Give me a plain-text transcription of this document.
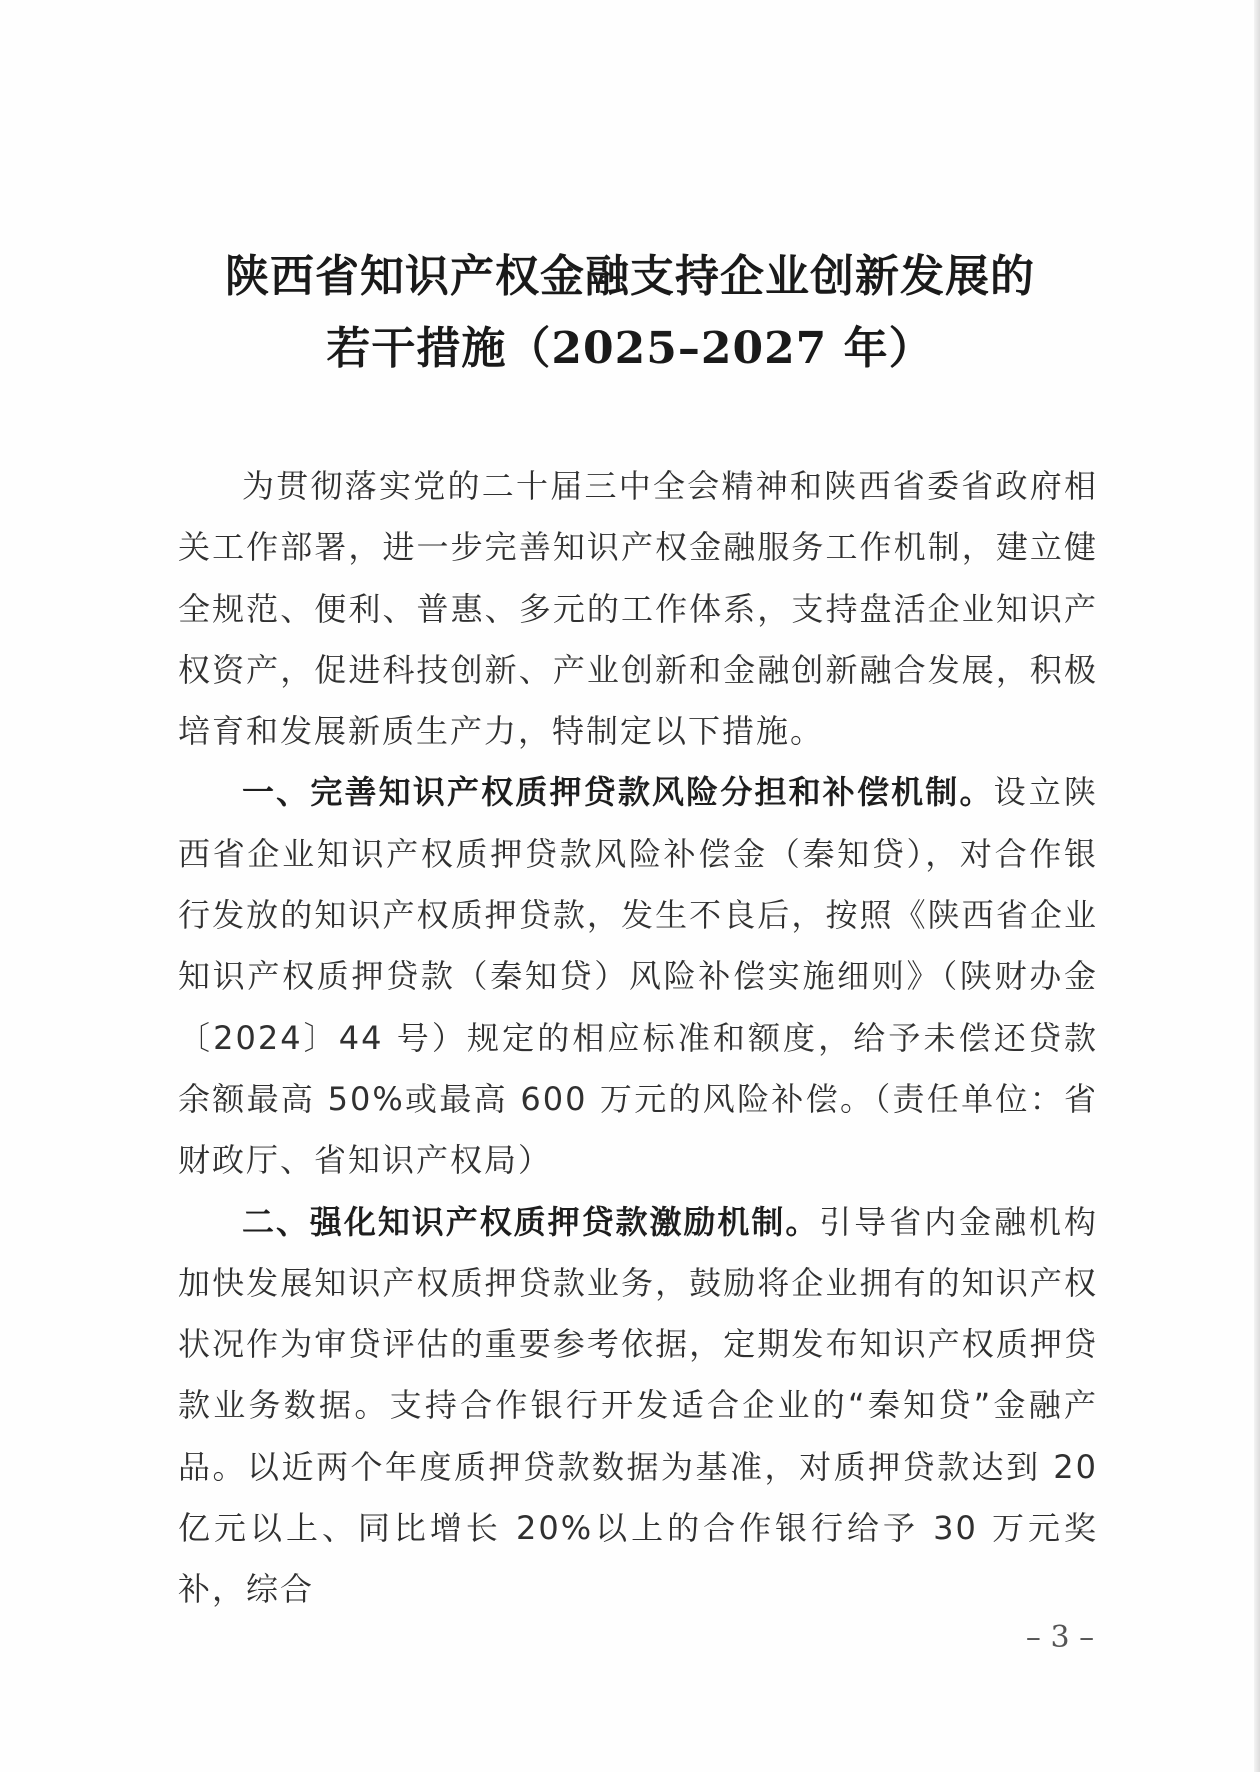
陕西省知识产权金融支持企业创新发展的
若干措施（2025–2027 年）

为贯彻落实党的二十届三中全会精神和陕西省委省政府相关工作部署，进一步完善知识产权金融服务工作机制，建立健全规范、便利、普惠、多元的工作体系，支持盘活企业知识产权资产，促进科技创新、产业创新和金融创新融合发展，积极培育和发展新质生产力，特制定以下措施。

一、完善知识产权质押贷款风险分担和补偿机制。设立陕西省企业知识产权质押贷款风险补偿金（秦知贷），对合作银行发放的知识产权质押贷款，发生不良后，按照《陕西省企业知识产权质押贷款（秦知贷）风险补偿实施细则》（陕财办金〔2024〕44 号）规定的相应标准和额度，给予未偿还贷款余额最高 50%或最高 600 万元的风险补偿。（责任单位：省财政厅、省知识产权局）

二、强化知识产权质押贷款激励机制。引导省内金融机构加快发展知识产权质押贷款业务，鼓励将企业拥有的知识产权状况作为审贷评估的重要参考依据，定期发布知识产权质押贷款业务数据。支持合作银行开发适合企业的“秦知贷”金融产品。以近两个年度质押贷款数据为基准，对质押贷款达到 20 亿元以上、同比增长 20%以上的合作银行给予 30 万元奖补，综合

– 3 –
